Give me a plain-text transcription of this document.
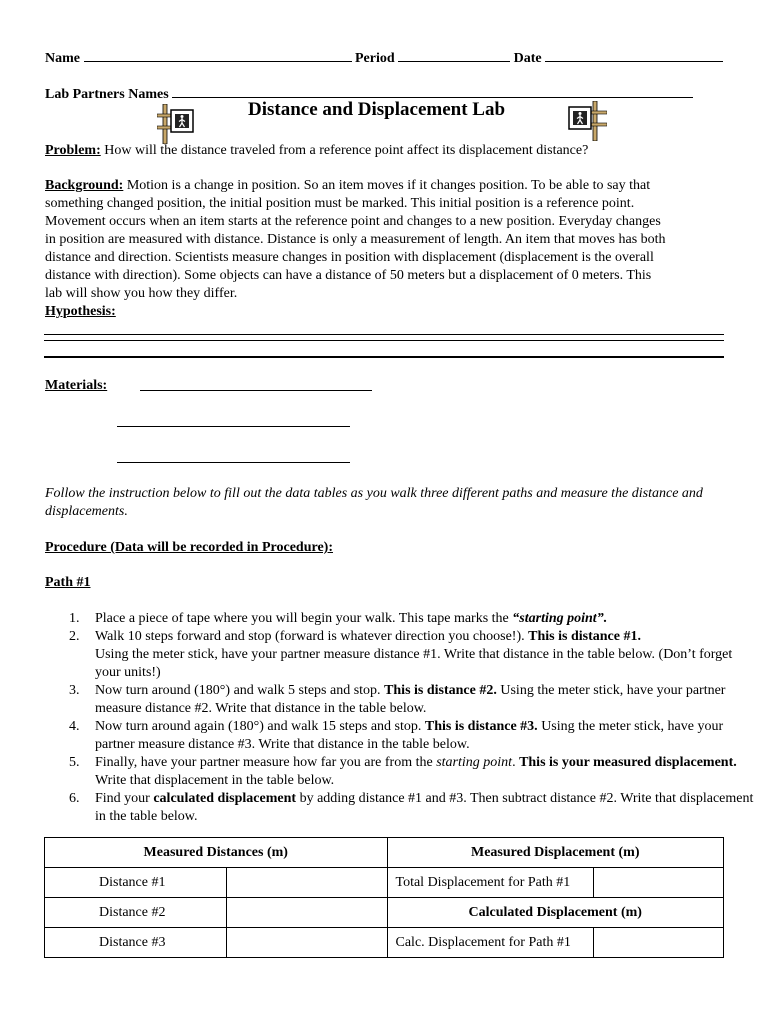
Name	Period	Date
Lab Partners Names
Distance and Displacement Lab
Problem: How will the distance traveled from a reference point affect its displacement distance?
Background: Motion is a change in position. So an item moves if it changes position. To be able to say that
something changed position, the initial position must be marked. This initial position is a reference point.
Movement occurs when an item starts at the reference point and changes to a new position. Everyday changes
in position are measured with distance. Distance is only a measurement of length. An item that moves has both
distance and direction. Scientists measure changes in position with displacement (displacement is the overall
distance with direction). Some objects can have a distance of 50 meters but a displacement of 0 meters. This
lab will show you how they differ.
Hypothesis:
Materials:
Follow the instruction below to fill out the data tables as you walk three different paths and measure the distance and displacements.
Procedure (Data will be recorded in Procedure):
Path #1
1. Place a piece of tape where you will begin your walk. This tape marks the “starting point”.
2. Walk 10 steps forward and stop (forward is whatever direction you choose!). This is distance #1.
Using the meter stick, have your partner measure distance #1. Write that distance in the table below. (Don’t forget your units!)
3. Now turn around (180°) and walk 5 steps and stop. This is distance #2. Using the meter stick, have your partner measure distance #2. Write that distance in the table below.
4. Now turn around again (180°) and walk 15 steps and stop. This is distance #3. Using the meter stick, have your partner measure distance #3. Write that distance in the table below.
5. Finally, have your partner measure how far you are from the starting point. This is your measured displacement. Write that displacement in the table below.
6. Find your calculated displacement by adding distance #1 and #3. Then subtract distance #2. Write that displacement in the table below.
Measured Distances (m)		Measured Displacement (m)	
Distance #1		Total Displacement for Path #1	
Distance #2		Calculated Displacement (m)	
Distance #3		Calc. Displacement for Path #1	
